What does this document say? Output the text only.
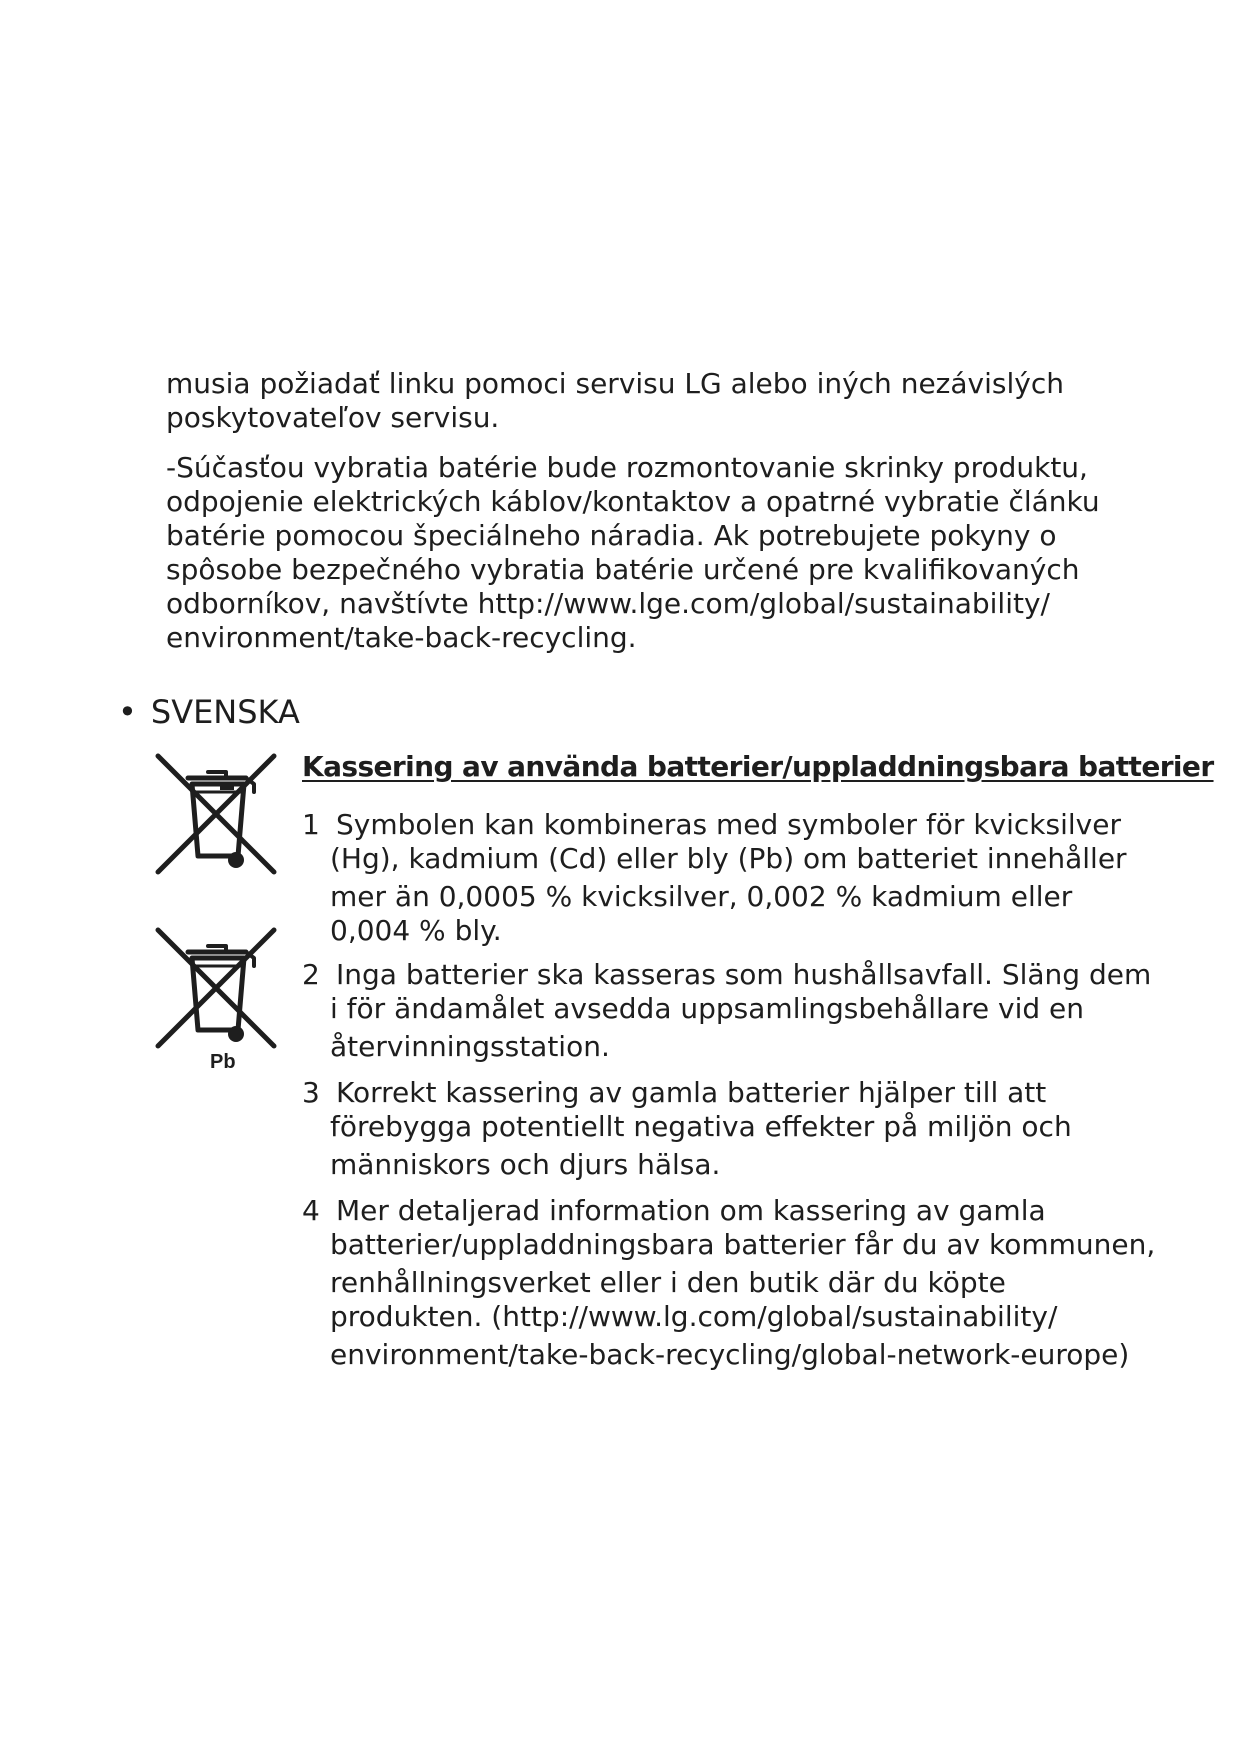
musia požiadať linku pomoci servisu LG alebo iných nezávislých
poskytovateľov servisu.

-Súčasťou vybratia batérie bude rozmontovanie skrinky produktu,
odpojenie elektrických káblov/kontaktov a opatrné vybratie článku
batérie pomocou špeciálneho náradia. Ak potrebujete pokyny o
spôsobe bezpečného vybratia batérie určené pre kvalifikovaných
odborníkov, navštívte http://www.lge.com/global/sustainability/
environment/take-back-recycling.

• SVENSKA
Kassering av använda batterier/uppladdningsbara batterier
Pb
1 Symbolen kan kombineras med symboler för kvicksilver
(Hg), kadmium (Cd) eller bly (Pb) om batteriet innehåller
mer än 0,0005 % kvicksilver, 0,002 % kadmium eller
0,004 % bly.
2 Inga batterier ska kasseras som hushållsavfall. Släng dem
i för ändamålet avsedda uppsamlingsbehållare vid en
återvinningsstation.
3 Korrekt kassering av gamla batterier hjälper till att
förebygga potentiellt negativa effekter på miljön och
människors och djurs hälsa.
4 Mer detaljerad information om kassering av gamla
batterier/uppladdningsbara batterier får du av kommunen,
renhållningsverket eller i den butik där du köpte
produkten. (http://www.lg.com/global/sustainability/
environment/take-back-recycling/global-network-europe)
